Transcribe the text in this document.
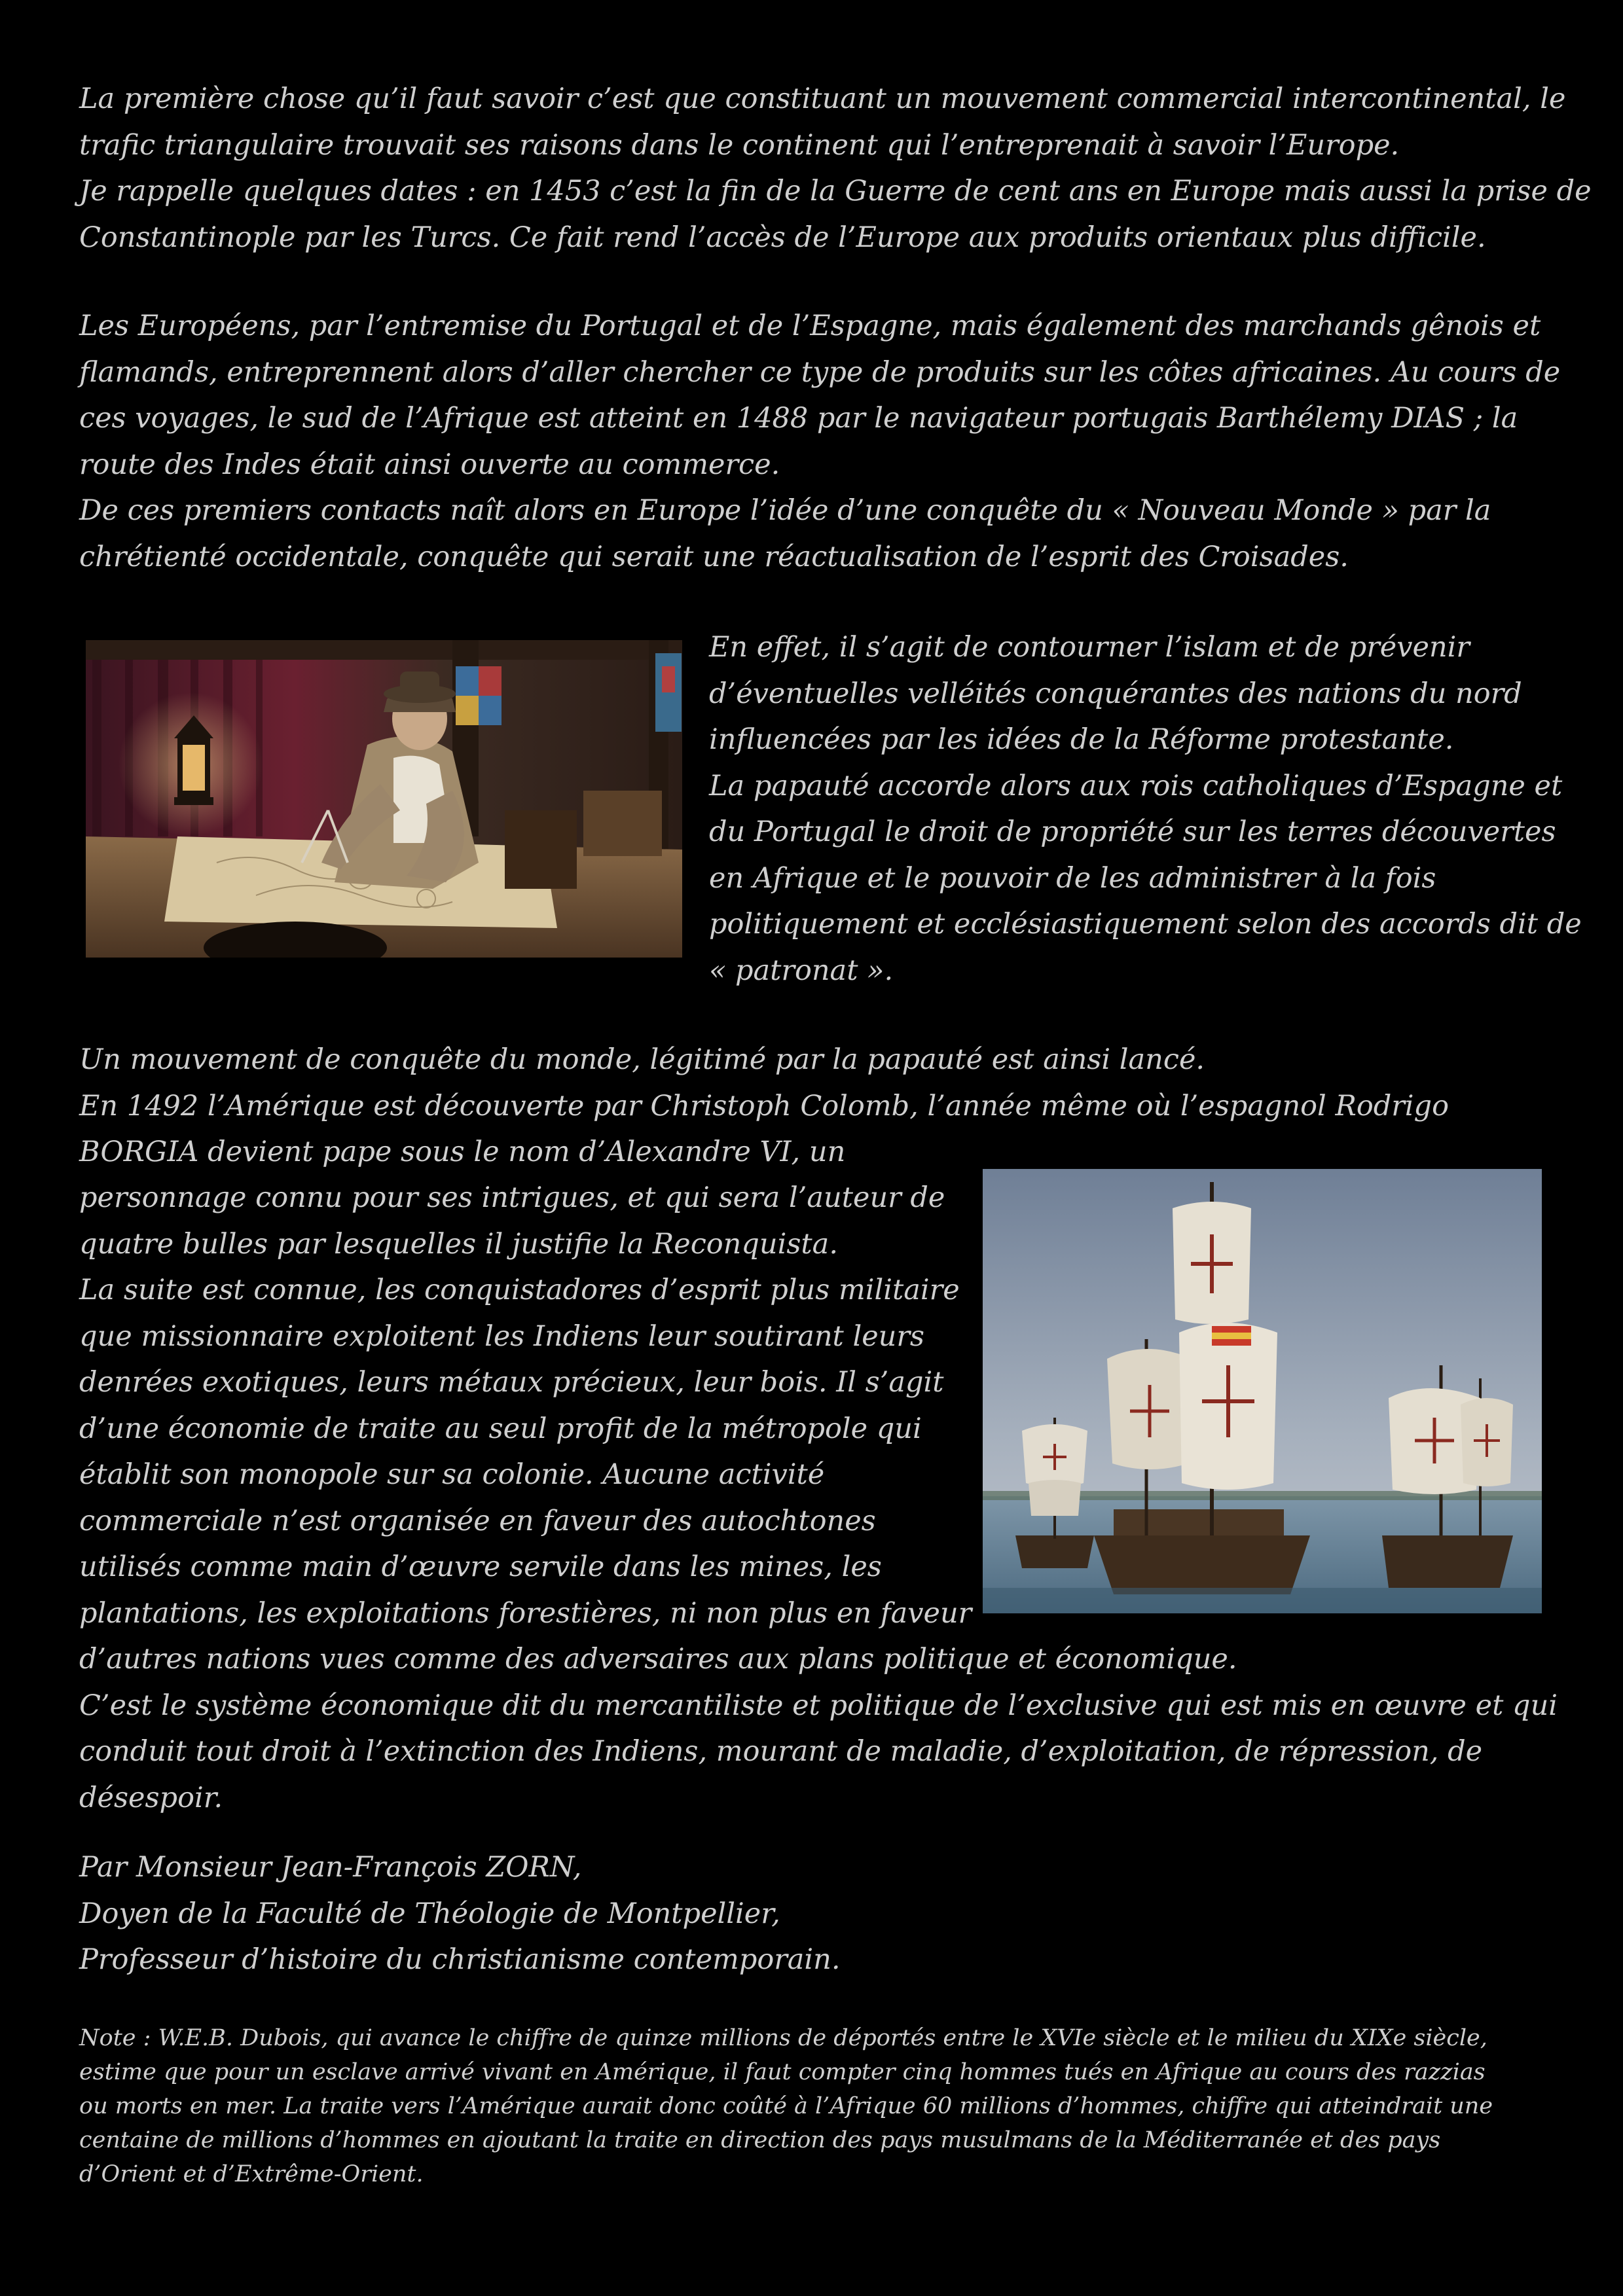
La première chose qu’il faut savoir c’est que constituant un mouvement commercial intercontinental, le
trafic triangulaire trouvait ses raisons dans le continent qui l’entreprenait à savoir l’Europe.
Je rappelle quelques dates : en 1453 c’est la fin de la Guerre de cent ans en Europe mais aussi la prise de
Constantinople par les Turcs. Ce fait rend l’accès de l’Europe aux produits orientaux plus difficile.
Les Européens, par l’entremise du Portugal et de l’Espagne, mais également des marchands gênois et
flamands, entreprennent alors d’aller chercher ce type de produits sur les côtes africaines. Au cours de
ces voyages, le sud de l’Afrique est atteint en 1488 par le navigateur portugais Barthélemy DIAS ; la
route des Indes était ainsi ouverte au commerce.
De ces premiers contacts naît alors en Europe l’idée d’une conquête du « Nouveau Monde » par la
chrétienté occidentale, conquête qui serait une réactualisation de l’esprit des Croisades.
En effet, il s’agit de contourner l’islam et de prévenir
d’éventuelles velléités conquérantes des nations du nord
influencées par les idées de la Réforme protestante.
La papauté accorde alors aux rois catholiques d’Espagne et
du Portugal le droit de propriété sur les terres découvertes
en Afrique et le pouvoir de les administrer à la fois
politiquement et ecclésiastiquement selon des accords dit de
« patronat ».
Un mouvement de conquête du monde, légitimé par la papauté est ainsi lancé.
En 1492 l’Amérique est découverte par Christoph Colomb, l’année même où l’espagnol Rodrigo
BORGIA devient pape sous le nom d’Alexandre VI, un
personnage connu pour ses intrigues, et qui sera l’auteur de
quatre bulles par lesquelles il justifie la Reconquista.
La suite est connue, les conquistadores d’esprit plus militaire
que missionnaire exploitent les Indiens leur soutirant leurs
denrées exotiques, leurs métaux précieux, leur bois. Il s’agit
d’une économie de traite au seul profit de la métropole qui
établit son monopole sur sa colonie. Aucune activité
commerciale n’est organisée en faveur des autochtones
utilisés comme main d’œuvre servile dans les mines, les
plantations, les exploitations forestières, ni non plus en faveur
d’autres nations vues comme des adversaires aux plans politique et économique.
C’est le système économique dit du mercantiliste et politique de l’exclusive qui est mis en œuvre et qui
conduit tout droit à l’extinction des Indiens, mourant de maladie, d’exploitation, de répression, de
désespoir.
Par Monsieur Jean-François ZORN,
Doyen de la Faculté de Théologie de Montpellier,
Professeur d’histoire du christianisme contemporain.
Note : W.E.B. Dubois, qui avance le chiffre de quinze millions de déportés entre le XVIe siècle et le milieu du XIXe siècle,
estime que pour un esclave arrivé vivant en Amérique, il faut compter cinq hommes tués en Afrique au cours des razzias
ou morts en mer. La traite vers l’Amérique aurait donc coûté à l’Afrique 60 millions d’hommes, chiffre qui atteindrait une
centaine de millions d’hommes en ajoutant la traite en direction des pays musulmans de la Méditerranée et des pays
d’Orient et d’Extrême-Orient.
